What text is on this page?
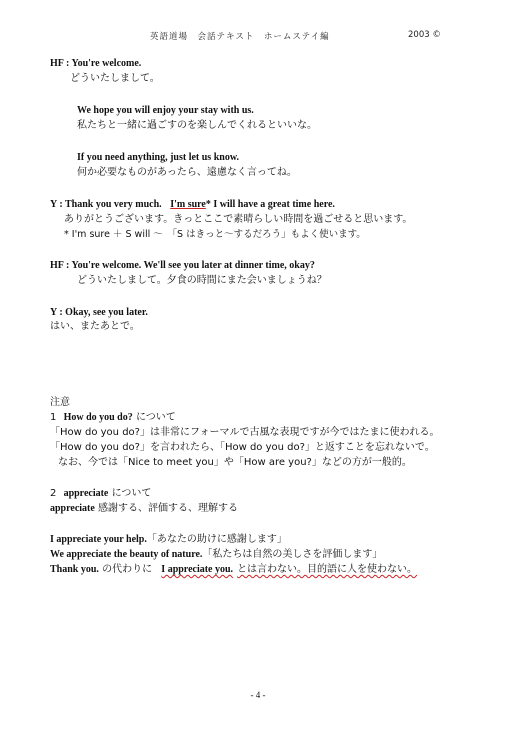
英語道場　会話テキスト　ホームステイ編	2003 ©
HF : You're welcome.
どういたしまして。
We hope you will enjoy your stay with us.
私たちと一緒に過ごすのを楽しんでくれるといいな。
If you need anything, just let us know.
何か必要なものがあったら、遠慮なく言ってね。
Y : Thank you very much. I'm sure* I will have a great time here.
ありがとうございます。きっとここで素晴らしい時間を過ごせると思います。
* I'm sure ＋ S will ～　「S はきっと～するだろう」もよく使います。
HF : You're welcome. We'll see you later at dinner time, okay?
どういたしまして。夕食の時間にまた会いましょうね？
Y : Okay, see you later.
はい、またあとで。
注意
1 How do you do? について
「How do you do?」は非常にフォーマルで古風な表現ですが今ではたまに使われる。
「How do you do?」を言われたら、「How do you do?」と返すことを忘れないで。
なお、今では「Nice to meet you」や「How are you?」などの方が一般的。
2 appreciate について
appreciate 感謝する、評価する、理解する
I appreciate your help.「あなたの助けに感謝します」
We appreciate the beauty of nature.「私たちは自然の美しさを評価します」
Thank you. の代わりに I appreciate you. とは言わない。目的語に人を使わない。
- 4 -
